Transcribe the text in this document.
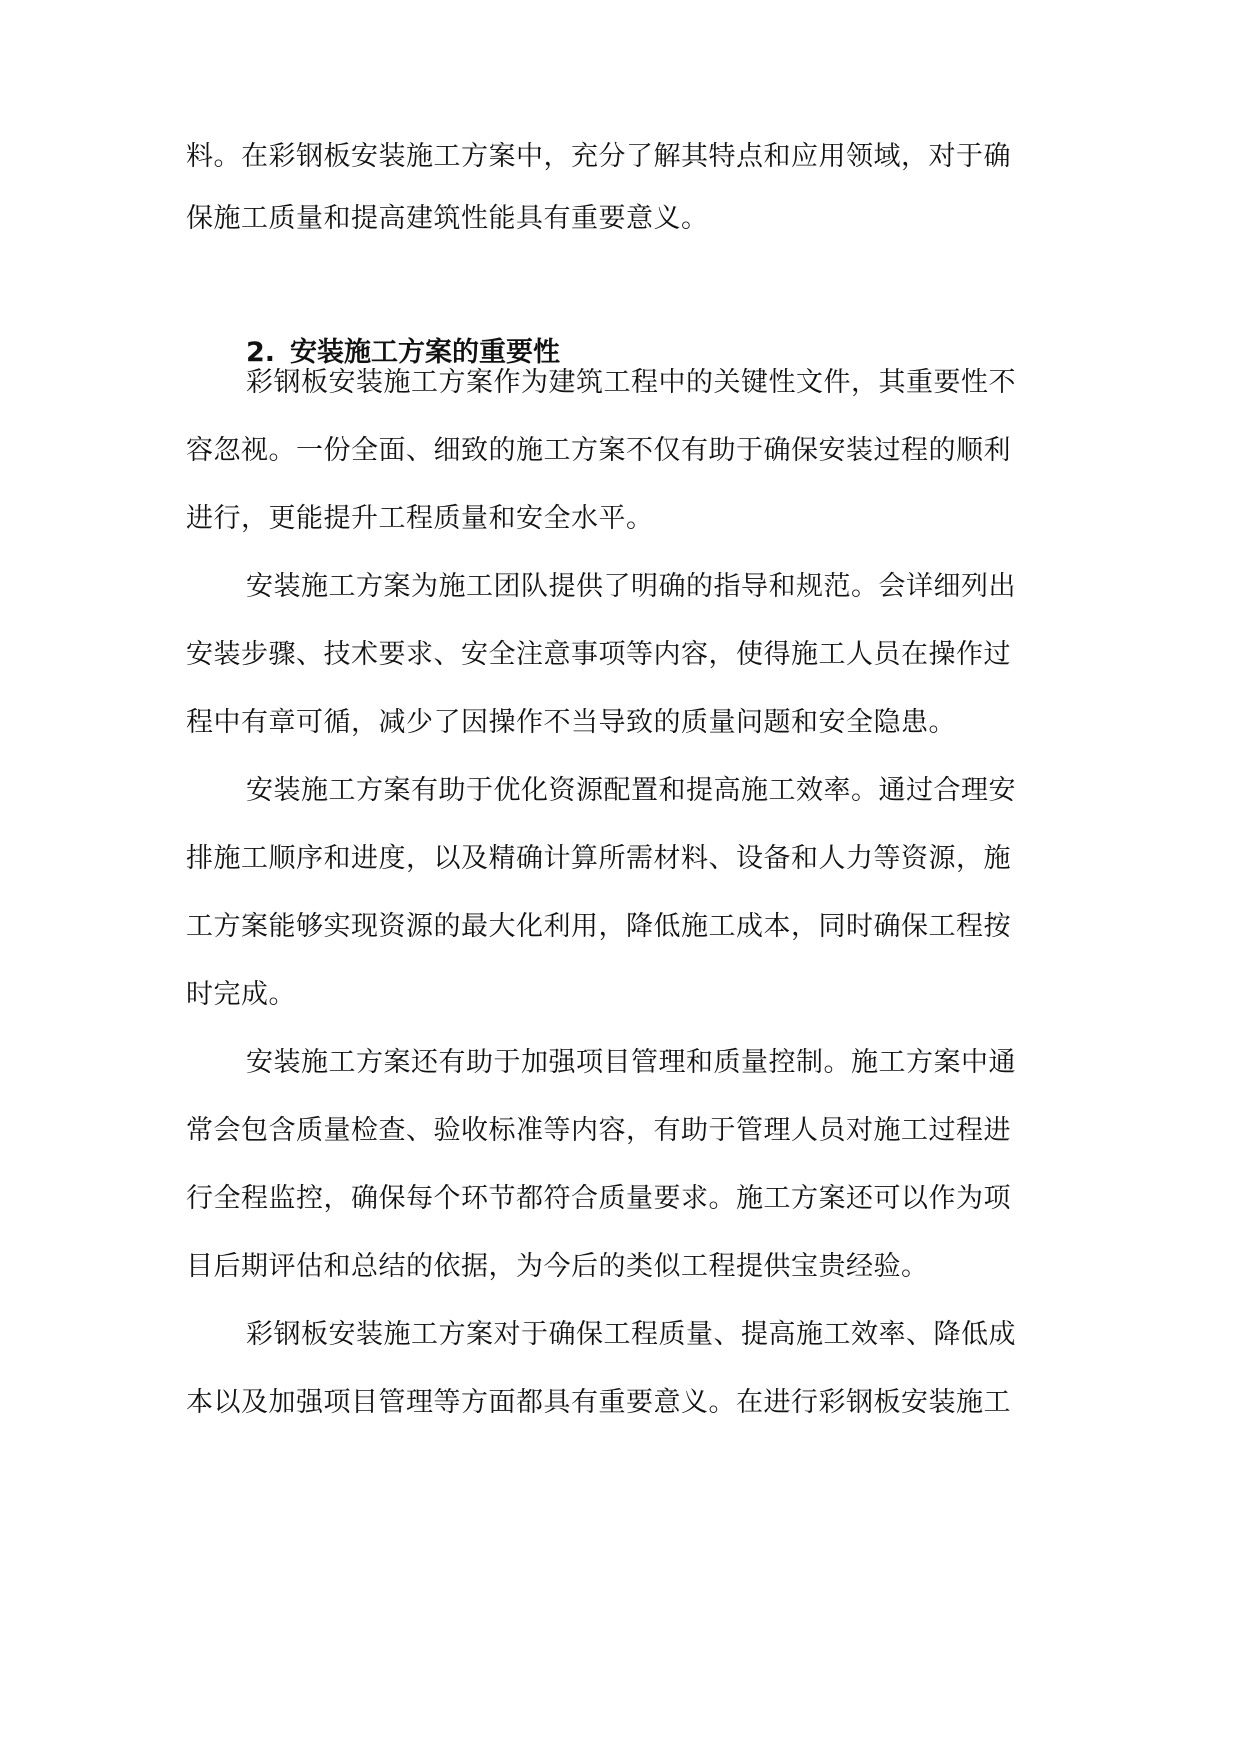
料。在彩钢板安装施工方案中，充分了解其特点和应用领域，对于确
保施工质量和提高建筑性能具有重要意义。
2. 安装施工方案的重要性
彩钢板安装施工方案作为建筑工程中的关键性文件，其重要性不
容忽视。一份全面、细致的施工方案不仅有助于确保安装过程的顺利
进行，更能提升工程质量和安全水平。
安装施工方案为施工团队提供了明确的指导和规范。会详细列出
安装步骤、技术要求、安全注意事项等内容，使得施工人员在操作过
程中有章可循，减少了因操作不当导致的质量问题和安全隐患。
安装施工方案有助于优化资源配置和提高施工效率。通过合理安
排施工顺序和进度，以及精确计算所需材料、设备和人力等资源，施
工方案能够实现资源的最大化利用，降低施工成本，同时确保工程按
时完成。
安装施工方案还有助于加强项目管理和质量控制。施工方案中通
常会包含质量检查、验收标准等内容，有助于管理人员对施工过程进
行全程监控，确保每个环节都符合质量要求。施工方案还可以作为项
目后期评估和总结的依据，为今后的类似工程提供宝贵经验。
彩钢板安装施工方案对于确保工程质量、提高施工效率、降低成
本以及加强项目管理等方面都具有重要意义。在进行彩钢板安装施工
